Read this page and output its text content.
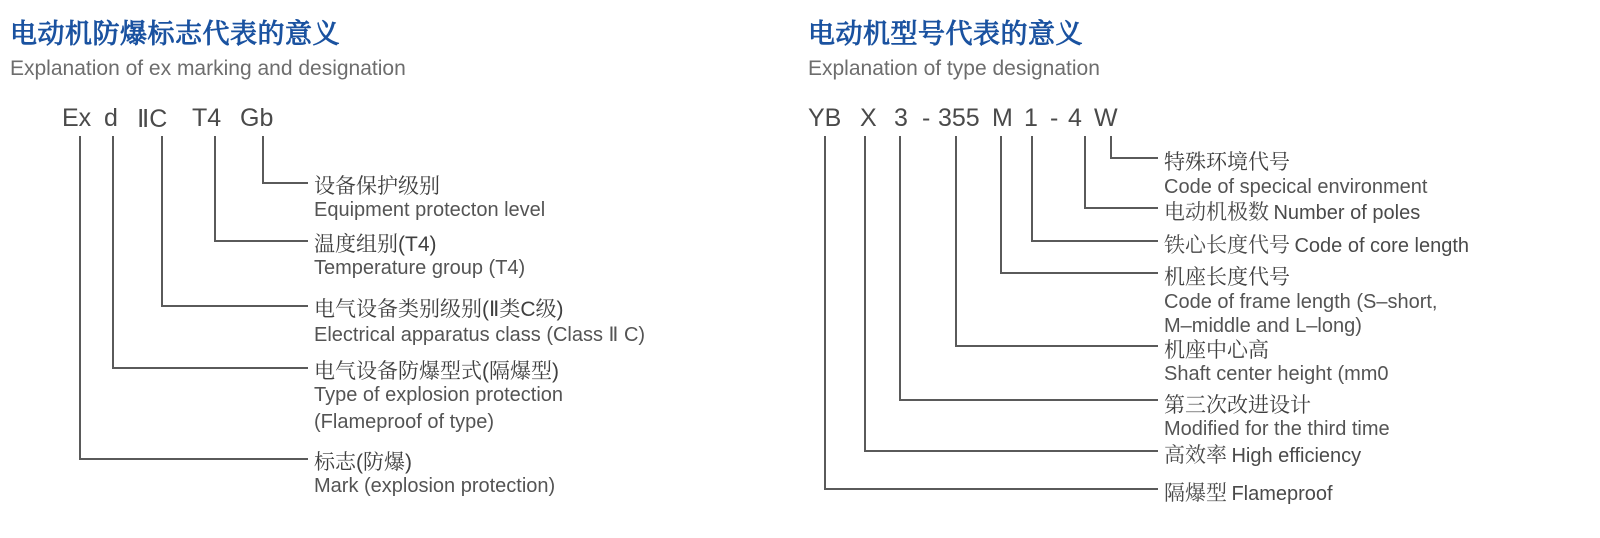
电动机防爆标志代表的意义
Explanation of ex marking and designation
Ex d ⅡC T4 Gb
设备保护级别
Equipment protecton level
温度组别(T4)
Temperature group (T4)
电气设备类别级别(Ⅱ类C级)
Electrical apparatus class (Class Ⅱ C)
电气设备防爆型式(隔爆型)
Type of explosion protection
(Flameproof of type)
标志(防爆)
Mark (explosion protection)
电动机型号代表的意义
Explanation of type designation
YB X 3 - 355 M 1 - 4 W
特殊环境代号
Code of specical environment
电动机极数 Number of poles
铁心长度代号 Code of core length
机座长度代号
Code of frame length (S–short,
M–middle and L–long)
机座中心高
Shaft center height (mm0
第三次改进设计
Modified for the third time
高效率 High efficiency
隔爆型 Flameproof
